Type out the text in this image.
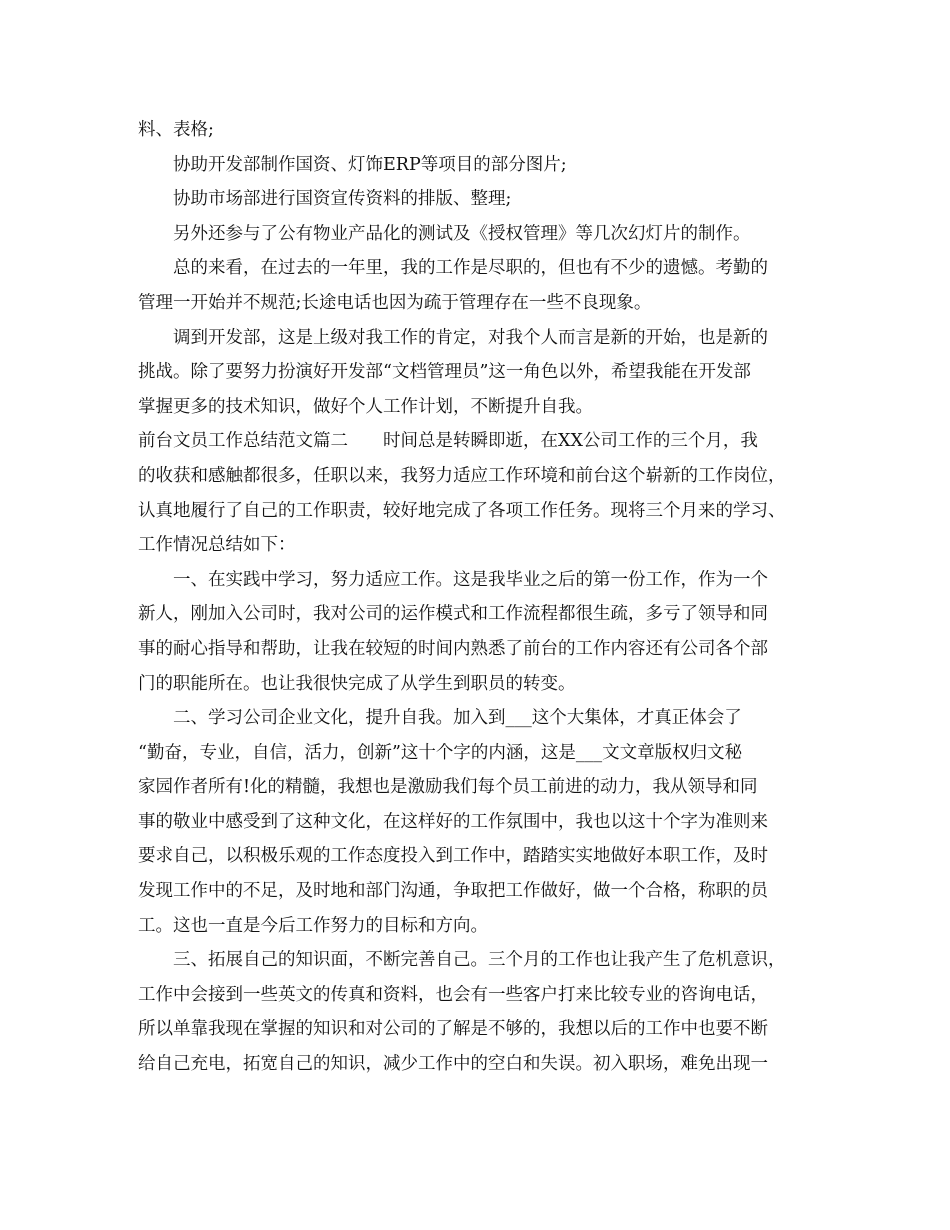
料、表格;
协助开发部制作国资、灯饰ERP等项目的部分图片;
协助市场部进行国资宣传资料的排版、整理;
另外还参与了公有物业产品化的测试及《授权管理》等几次幻灯片的制作。
总的来看，在过去的一年里，我的工作是尽职的，但也有不少的遗憾。考勤的
管理一开始并不规范;长途电话也因为疏于管理存在一些不良现象。
调到开发部，这是上级对我工作的肯定，对我个人而言是新的开始，也是新的
挑战。除了要努力扮演好开发部“文档管理员”这一角色以外，希望我能在开发部
掌握更多的技术知识，做好个人工作计划，不断提升自我。
前台文员工作总结范文篇二　　时间总是转瞬即逝，在XX公司工作的三个月，我
的收获和感触都很多，任职以来，我努力适应工作环境和前台这个崭新的工作岗位，
认真地履行了自己的工作职责，较好地完成了各项工作任务。现将三个月来的学习、
工作情况总结如下：
一、在实践中学习，努力适应工作。这是我毕业之后的第一份工作，作为一个
新人，刚加入公司时，我对公司的运作模式和工作流程都很生疏，多亏了领导和同
事的耐心指导和帮助，让我在较短的时间内熟悉了前台的工作内容还有公司各个部
门的职能所在。也让我很快完成了从学生到职员的转变。
二、学习公司企业文化，提升自我。加入到___这个大集体，才真正体会了
“勤奋，专业，自信，活力，创新”这十个字的内涵，这是___文文章版权归文秘
家园作者所有!化的精髓，我想也是激励我们每个员工前进的动力，我从领导和同
事的敬业中感受到了这种文化，在这样好的工作氛围中，我也以这十个字为准则来
要求自己，以积极乐观的工作态度投入到工作中，踏踏实实地做好本职工作，及时
发现工作中的不足，及时地和部门沟通，争取把工作做好，做一个合格，称职的员
工。这也一直是今后工作努力的目标和方向。
三、拓展自己的知识面，不断完善自己。三个月的工作也让我产生了危机意识，
工作中会接到一些英文的传真和资料，也会有一些客户打来比较专业的咨询电话，
所以单靠我现在掌握的知识和对公司的了解是不够的，我想以后的工作中也要不断
给自己充电，拓宽自己的知识，减少工作中的空白和失误。初入职场，难免出现一
